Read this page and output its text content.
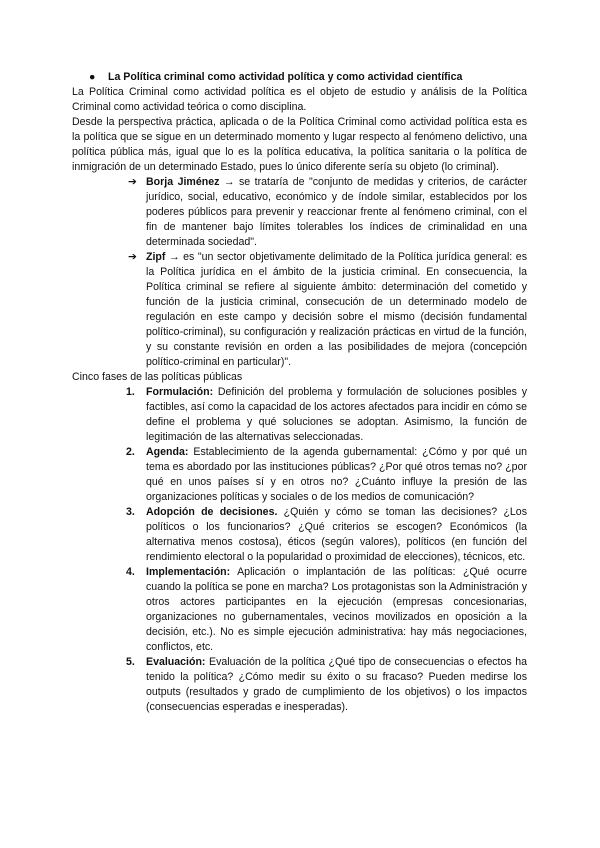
● La Política criminal como actividad política y como actividad científica
La Política Criminal como actividad política es el objeto de estudio y análisis de la Política Criminal como actividad teórica o como disciplina.
Desde la perspectiva práctica, aplicada o de la Política Criminal como actividad política esta es la política que se sigue en un determinado momento y lugar respecto al fenómeno delictivo, una política pública más, igual que lo es la política educativa, la política sanitaria o la política de inmigración de un determinado Estado, pues lo único diferente sería su objeto (lo criminal).
➔ Borja Jiménez → se trataría de "conjunto de medidas y criterios, de carácter jurídico, social, educativo, económico y de índole similar, establecidos por los poderes públicos para prevenir y reaccionar frente al fenómeno criminal, con el fin de mantener bajo límites tolerables los índices de criminalidad en una determinada sociedad".
➔ Zipf → es "un sector objetivamente delimitado de la Política jurídica general: es la Política jurídica en el ámbito de la justicia criminal. En consecuencia, la Política criminal se refiere al siguiente ámbito: determinación del cometido y función de la justicia criminal, consecución de un determinado modelo de regulación en este campo y decisión sobre el mismo (decisión fundamental político-criminal), su configuración y realización prácticas en virtud de la función, y su constante revisión en orden a las posibilidades de mejora (concepción político-criminal en particular)".
Cinco fases de las políticas públicas
1. Formulación: Definición del problema y formulación de soluciones posibles y factibles, así como la capacidad de los actores afectados para incidir en cómo se define el problema y qué soluciones se adoptan. Asimismo, la función de legitimación de las alternativas seleccionadas.
2. Agenda: Establecimiento de la agenda gubernamental: ¿Cómo y por qué un tema es abordado por las instituciones públicas? ¿Por qué otros temas no? ¿por qué en unos países sí y en otros no? ¿Cuánto influye la presión de las organizaciones políticas y sociales o de los medios de comunicación?
3. Adopción de decisiones. ¿Quién y cómo se toman las decisiones? ¿Los políticos o los funcionarios? ¿Qué criterios se escogen? Económicos (la alternativa menos costosa), éticos (según valores), políticos (en función del rendimiento electoral o la popularidad o proximidad de elecciones), técnicos, etc.
4. Implementación: Aplicación o implantación de las políticas: ¿Qué ocurre cuando la política se pone en marcha? Los protagonistas son la Administración y otros actores participantes en la ejecución (empresas concesionarias, organizaciones no gubernamentales, vecinos movilizados en oposición a la decisión, etc.). No es simple ejecución administrativa: hay más negociaciones, conflictos, etc.
5. Evaluación: Evaluación de la política ¿Qué tipo de consecuencias o efectos ha tenido la política? ¿Cómo medir su éxito o su fracaso? Pueden medirse los outputs (resultados y grado de cumplimiento de los objetivos) o los impactos (consecuencias esperadas e inesperadas).
